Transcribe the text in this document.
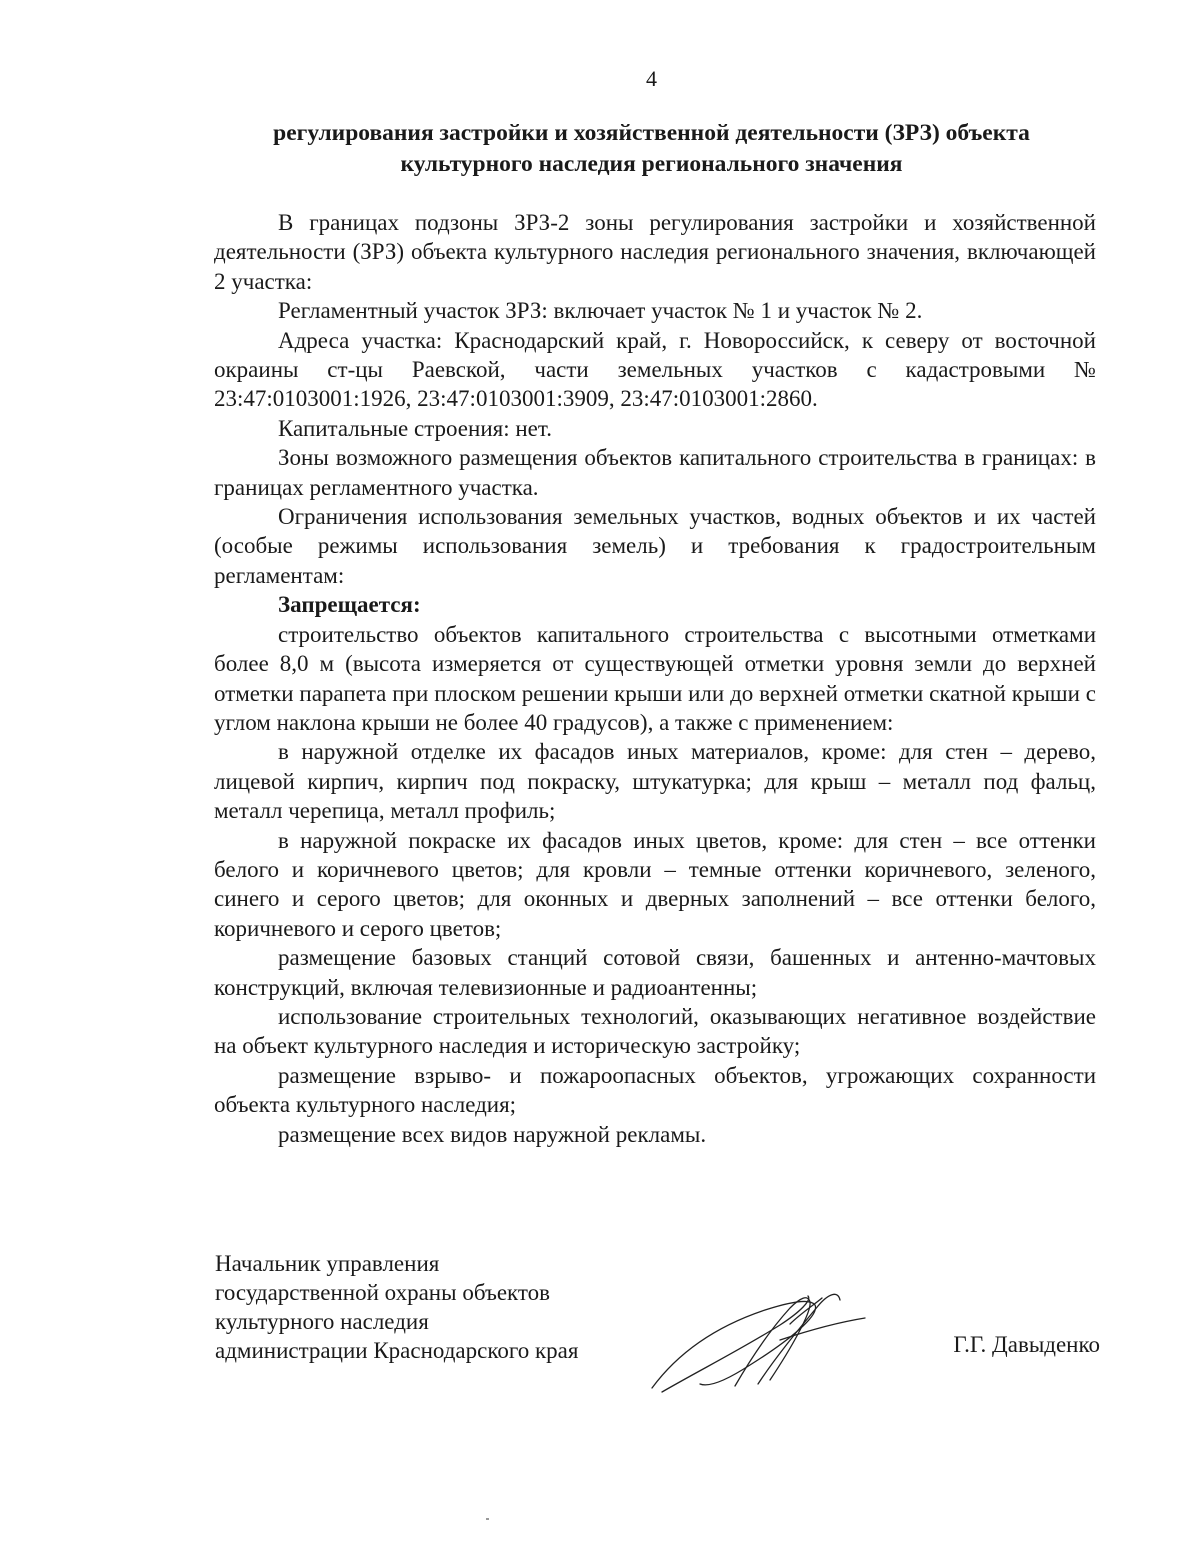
4
регулирования застройки и хозяйственной деятельности (ЗРЗ) объекта
культурного наследия регионального значения

В границах подзоны ЗРЗ-2 зоны регулирования застройки и хозяйственной деятельности (ЗРЗ) объекта культурного наследия регионального значения, включающей 2 участка:

Регламентный участок ЗРЗ: включает участок № 1 и участок № 2.

Адреса участка: Краснодарский край, г. Новороссийск, к северу от восточной окраины ст-цы Раевской, части земельных участков с кадастровыми № 23:47:0103001:1926, 23:47:0103001:3909, 23:47:0103001:2860.

Капитальные строения: нет.

Зоны возможного размещения объектов капитального строительства в границах: в границах регламентного участка.

Ограничения использования земельных участков, водных объектов и их частей (особые режимы использования земель) и требования к градостроительным регламентам:

Запрещается:

строительство объектов капитального строительства с высотными отметками более 8,0 м (высота измеряется от существующей отметки уровня земли до верхней отметки парапета при плоском решении крыши или до верхней отметки скатной крыши с углом наклона крыши не более 40 градусов), а также с применением:

в наружной отделке их фасадов иных материалов, кроме: для стен – дерево, лицевой кирпич, кирпич под покраску, штукатурка; для крыш – металл под фальц, металл черепица, металл профиль;

в наружной покраске их фасадов иных цветов, кроме: для стен – все оттенки белого и коричневого цветов; для кровли – темные оттенки коричневого, зеленого, синего и серого цветов; для оконных и дверных заполнений – все оттенки белого, коричневого и серого цветов;

размещение базовых станций сотовой связи, башенных и антенно-мачтовых конструкций, включая телевизионные и радиоантенны;

использование строительных технологий, оказывающих негативное воздействие на объект культурного наследия и историческую застройку;

размещение взрыво- и пожароопасных объектов, угрожающих сохранности объекта культурного наследия;

размещение всех видов наружной рекламы.

Начальник управления
государственной охраны объектов
культурного наследия
администрации Краснодарского края	Г.Г. Давыденко
